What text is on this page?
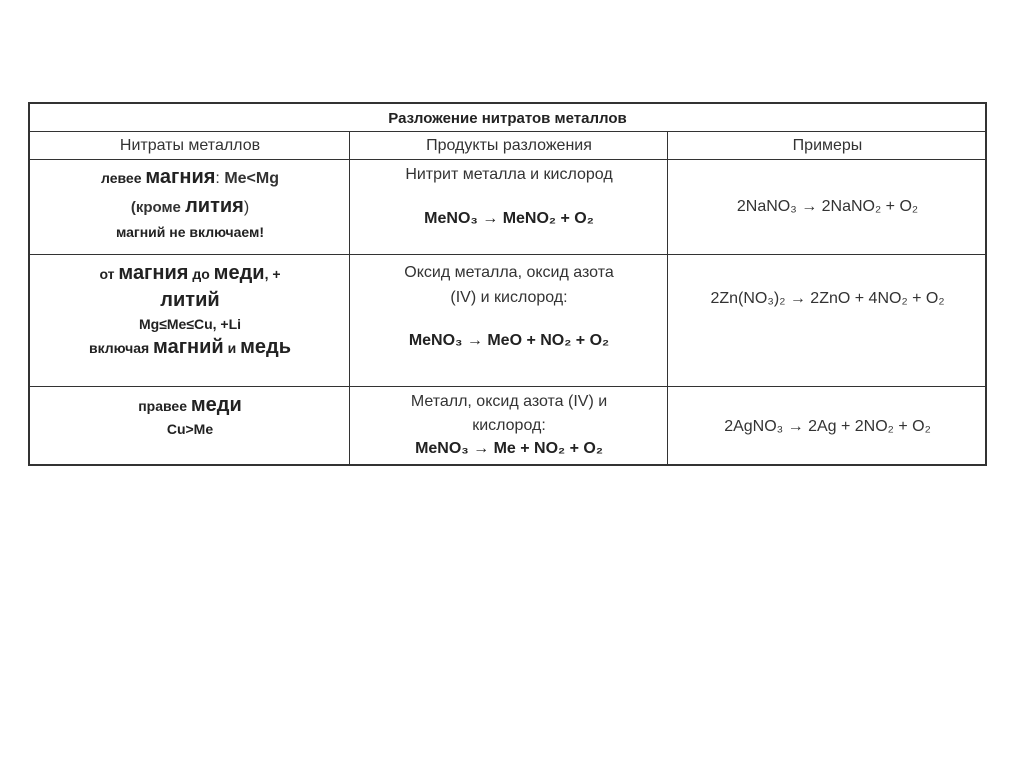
Разложение нитратов металлов
Нитраты металлов	Продукты разложения	Примеры
левее магния: Me<Mg
(кроме лития)
магний не включаем!
Нитрит металла и кислород
MeNO₃ → MeNO₂ + O₂
2NaNO₃ → 2NaNO₂ + O₂
от магния до меди, +
литий
Mg≤Me≤Cu, +Li
включая магний и медь
Оксид металла, оксид азота
(IV) и кислород:
MeNO₃ → MeO + NO₂ + O₂
2Zn(NO₃)₂ → 2ZnO + 4NO₂ + O₂
правее меди
Cu>Me
Металл, оксид азота (IV) и
кислород:
MeNO₃ → Me + NO₂ + O₂
2AgNO₃ → 2Ag + 2NO₂ + O₂
